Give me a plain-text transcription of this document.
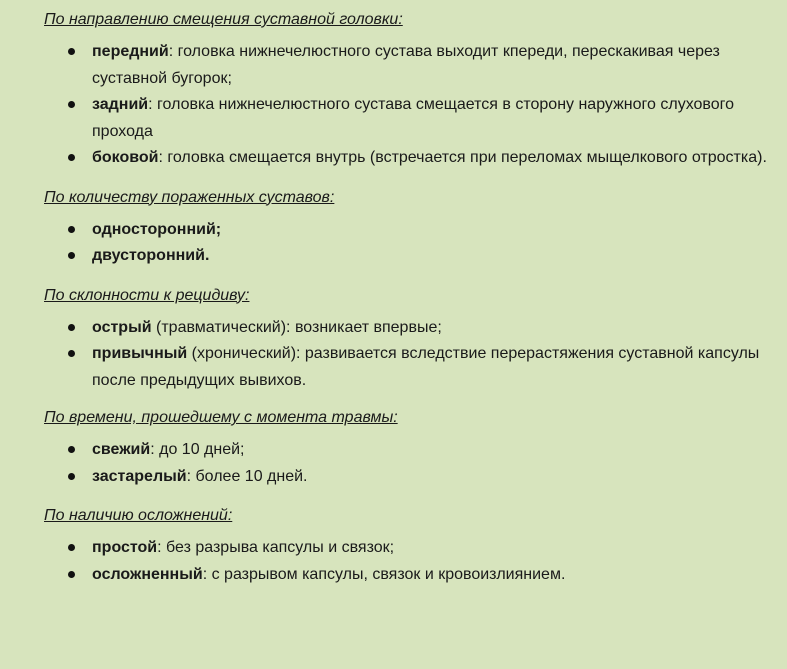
По направлению смещения суставной головки:

передний: головка нижнечелюстного сустава выходит кпереди, перескакивая через суставной бугорок;
задний: головка нижнечелюстного сустава смещается в сторону наружного слухового прохода
боковой: головка смещается внутрь (встречается при переломах мыщелкового отростка).

По количеству пораженных суставов:

односторонний;
двусторонний.

По склонности к рецидиву:

острый (травматический): возникает впервые;
привычный (хронический): развивается вследствие перерастяжения суставной капсулы после предыдущих вывихов.

По времени, прошедшему с момента травмы:

свежий: до 10 дней;
застарелый: более 10 дней.

По наличию осложнений:

простой: без разрыва капсулы и связок;
осложненный: с разрывом капсулы, связок и кровоизлиянием.
